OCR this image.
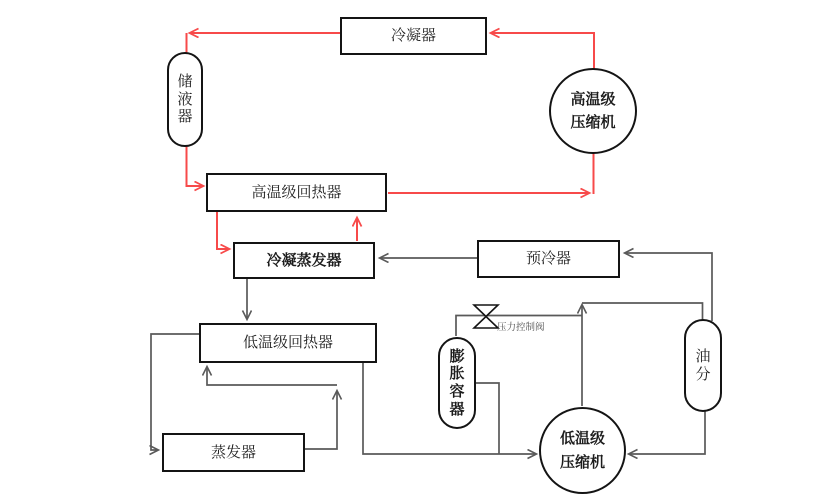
冷凝器
高温级回热器
冷凝蒸发器	预冷器
低温级回热器
蒸发器
储液器
膨胀容器
油分
高温级
压缩机
低温级
压缩机
压力控制阀
